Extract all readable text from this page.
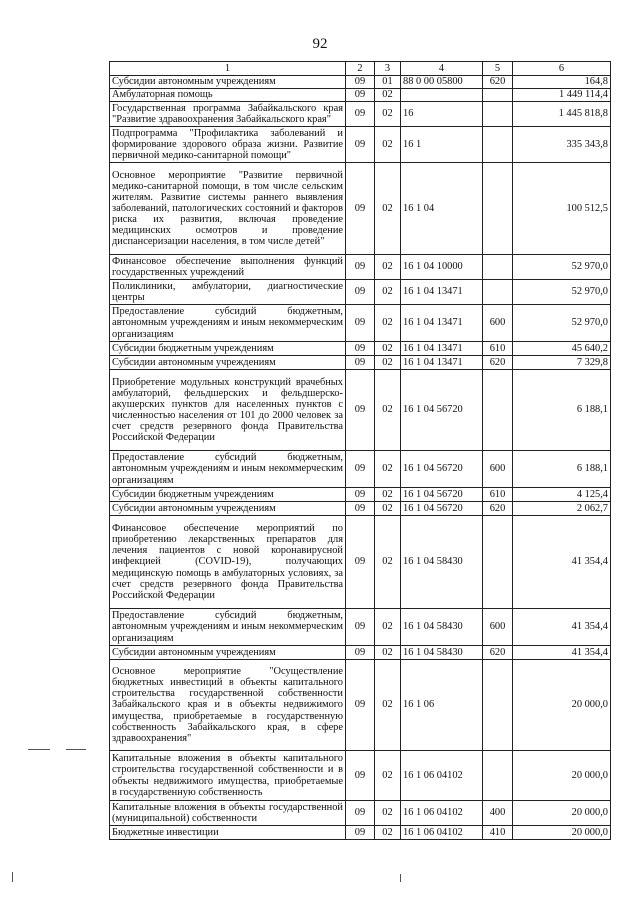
92
1	2	3	4	5	6
Субсидии автономным учреждениям	09	01	88 0 00 05800	620	164,8
Амбулаторная помощь	09	02			1 449 114,4
Государственная программа Забайкальского края "Развитие здравоохранения Забайкальского края"	09	02	16		1 445 818,8
Подпрограмма "Профилактика заболеваний и формирование здорового образа жизни. Развитие первичной медико-санитарной помощи"	09	02	16 1		335 343,8
Основное мероприятие "Развитие первичной медико-санитарной помощи, в том числе сельским жителям. Развитие системы раннего выявления заболеваний, патологических состояний и факторов риска их развития, включая проведение медицинских осмотров и проведение диспансеризации населения, в том числе детей"	09	02	16 1 04		100 512,5
Финансовое обеспечение выполнения функций государственных учреждений	09	02	16 1 04 10000		52 970,0
Поликлиники, амбулатории, диагностические центры	09	02	16 1 04 13471		52 970,0
Предоставление субсидий бюджетным, автономным учреждениям и иным некоммерческим организациям	09	02	16 1 04 13471	600	52 970,0
Субсидии бюджетным учреждениям	09	02	16 1 04 13471	610	45 640,2
Субсидии автономным учреждениям	09	02	16 1 04 13471	620	7 329,8
Приобретение модульных конструкций врачебных амбулаторий, фельдшерских и фельдшерско-акушерских пунктов для населенных пунктов с численностью населения от 101 до 2000 человек за счет средств резервного фонда Правительства Российской Федерации	09	02	16 1 04 56720		6 188,1
Предоставление субсидий бюджетным, автономным учреждениям и иным некоммерческим организациям	09	02	16 1 04 56720	600	6 188,1
Субсидии бюджетным учреждениям	09	02	16 1 04 56720	610	4 125,4
Субсидии автономным учреждениям	09	02	16 1 04 56720	620	2 062,7
Финансовое обеспечение мероприятий по приобретению лекарственных препаратов для лечения пациентов с новой коронавирусной инфекцией (COVID-19), получающих медицинскую помощь в амбулаторных условиях, за счет средств резервного фонда Правительства Российской Федерации	09	02	16 1 04 58430		41 354,4
Предоставление субсидий бюджетным, автономным учреждениям и иным некоммерческим организациям	09	02	16 1 04 58430	600	41 354,4
Субсидии автономным учреждениям	09	02	16 1 04 58430	620	41 354,4
Основное мероприятие "Осуществление бюджетных инвестиций в объекты капитального строительства государственной собственности Забайкальского края и в объекты недвижимого имущества, приобретаемые в государственную собственность Забайкальского края, в сфере здравоохранения"	09	02	16 1 06		20 000,0
Капитальные вложения в объекты капитального строительства государственной собственности и в объекты недвижимого имущества, приобретаемые в государственную собственность	09	02	16 1 06 04102		20 000,0
Капитальные вложения в объекты государственной (муниципальной) собственности	09	02	16 1 06 04102	400	20 000,0
Бюджетные инвестиции	09	02	16 1 06 04102	410	20 000,0
